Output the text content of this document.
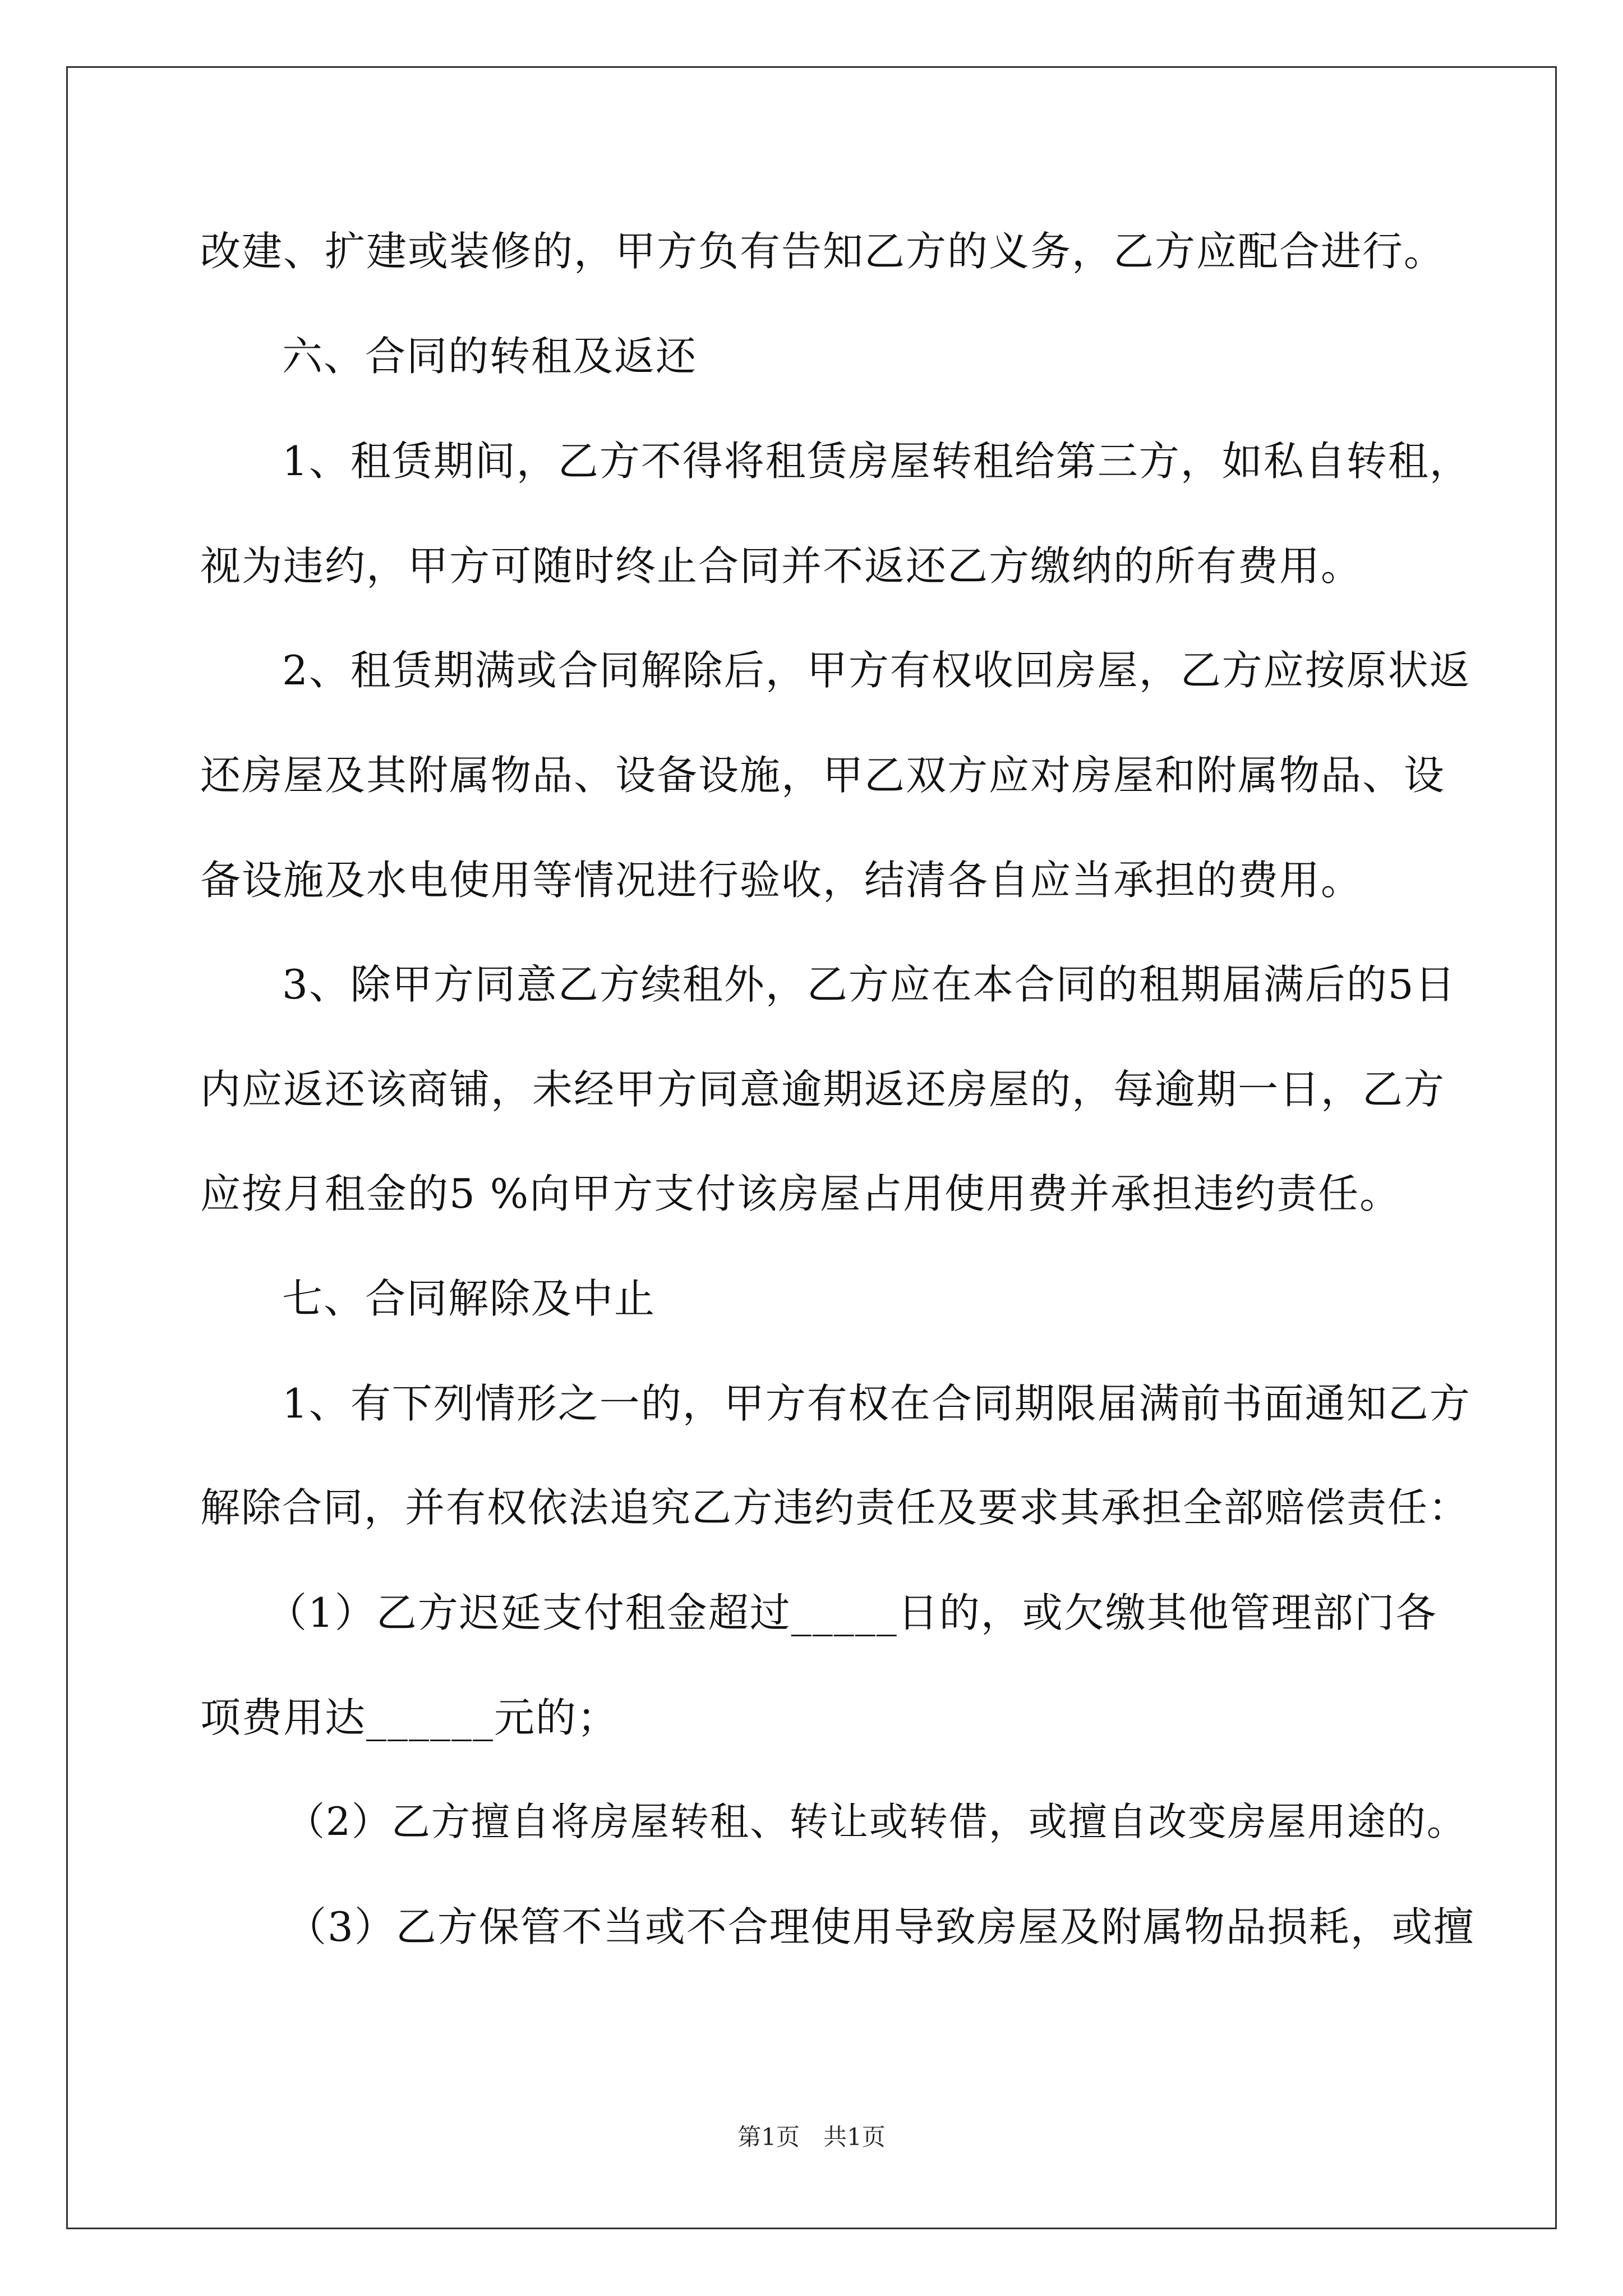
改建、扩建或装修的，甲方负有告知乙方的义务，乙方应配合进行。

六、合同的转租及返还

1、租赁期间，乙方不得将租赁房屋转租给第三方，如私自转租，

视为违约，甲方可随时终止合同并不返还乙方缴纳的所有费用。

2、租赁期满或合同解除后，甲方有权收回房屋，乙方应按原状返

还房屋及其附属物品、设备设施，甲乙双方应对房屋和附属物品、设

备设施及水电使用等情况进行验收，结清各自应当承担的费用。

3、除甲方同意乙方续租外，乙方应在本合同的租期届满后的5日

内应返还该商铺，未经甲方同意逾期返还房屋的，每逾期一日，乙方

应按月租金的5 %向甲方支付该房屋占用使用费并承担违约责任。

七、合同解除及中止

1、有下列情形之一的，甲方有权在合同期限届满前书面通知乙方

解除合同，并有权依法追究乙方违约责任及要求其承担全部赔偿责任：

（1）乙方迟延支付租金超过_____日的，或欠缴其他管理部门各

项费用达______元的；

（2）乙方擅自将房屋转租、转让或转借，或擅自改变房屋用途的。

（3）乙方保管不当或不合理使用导致房屋及附属物品损耗，或擅

第1页　共1页
